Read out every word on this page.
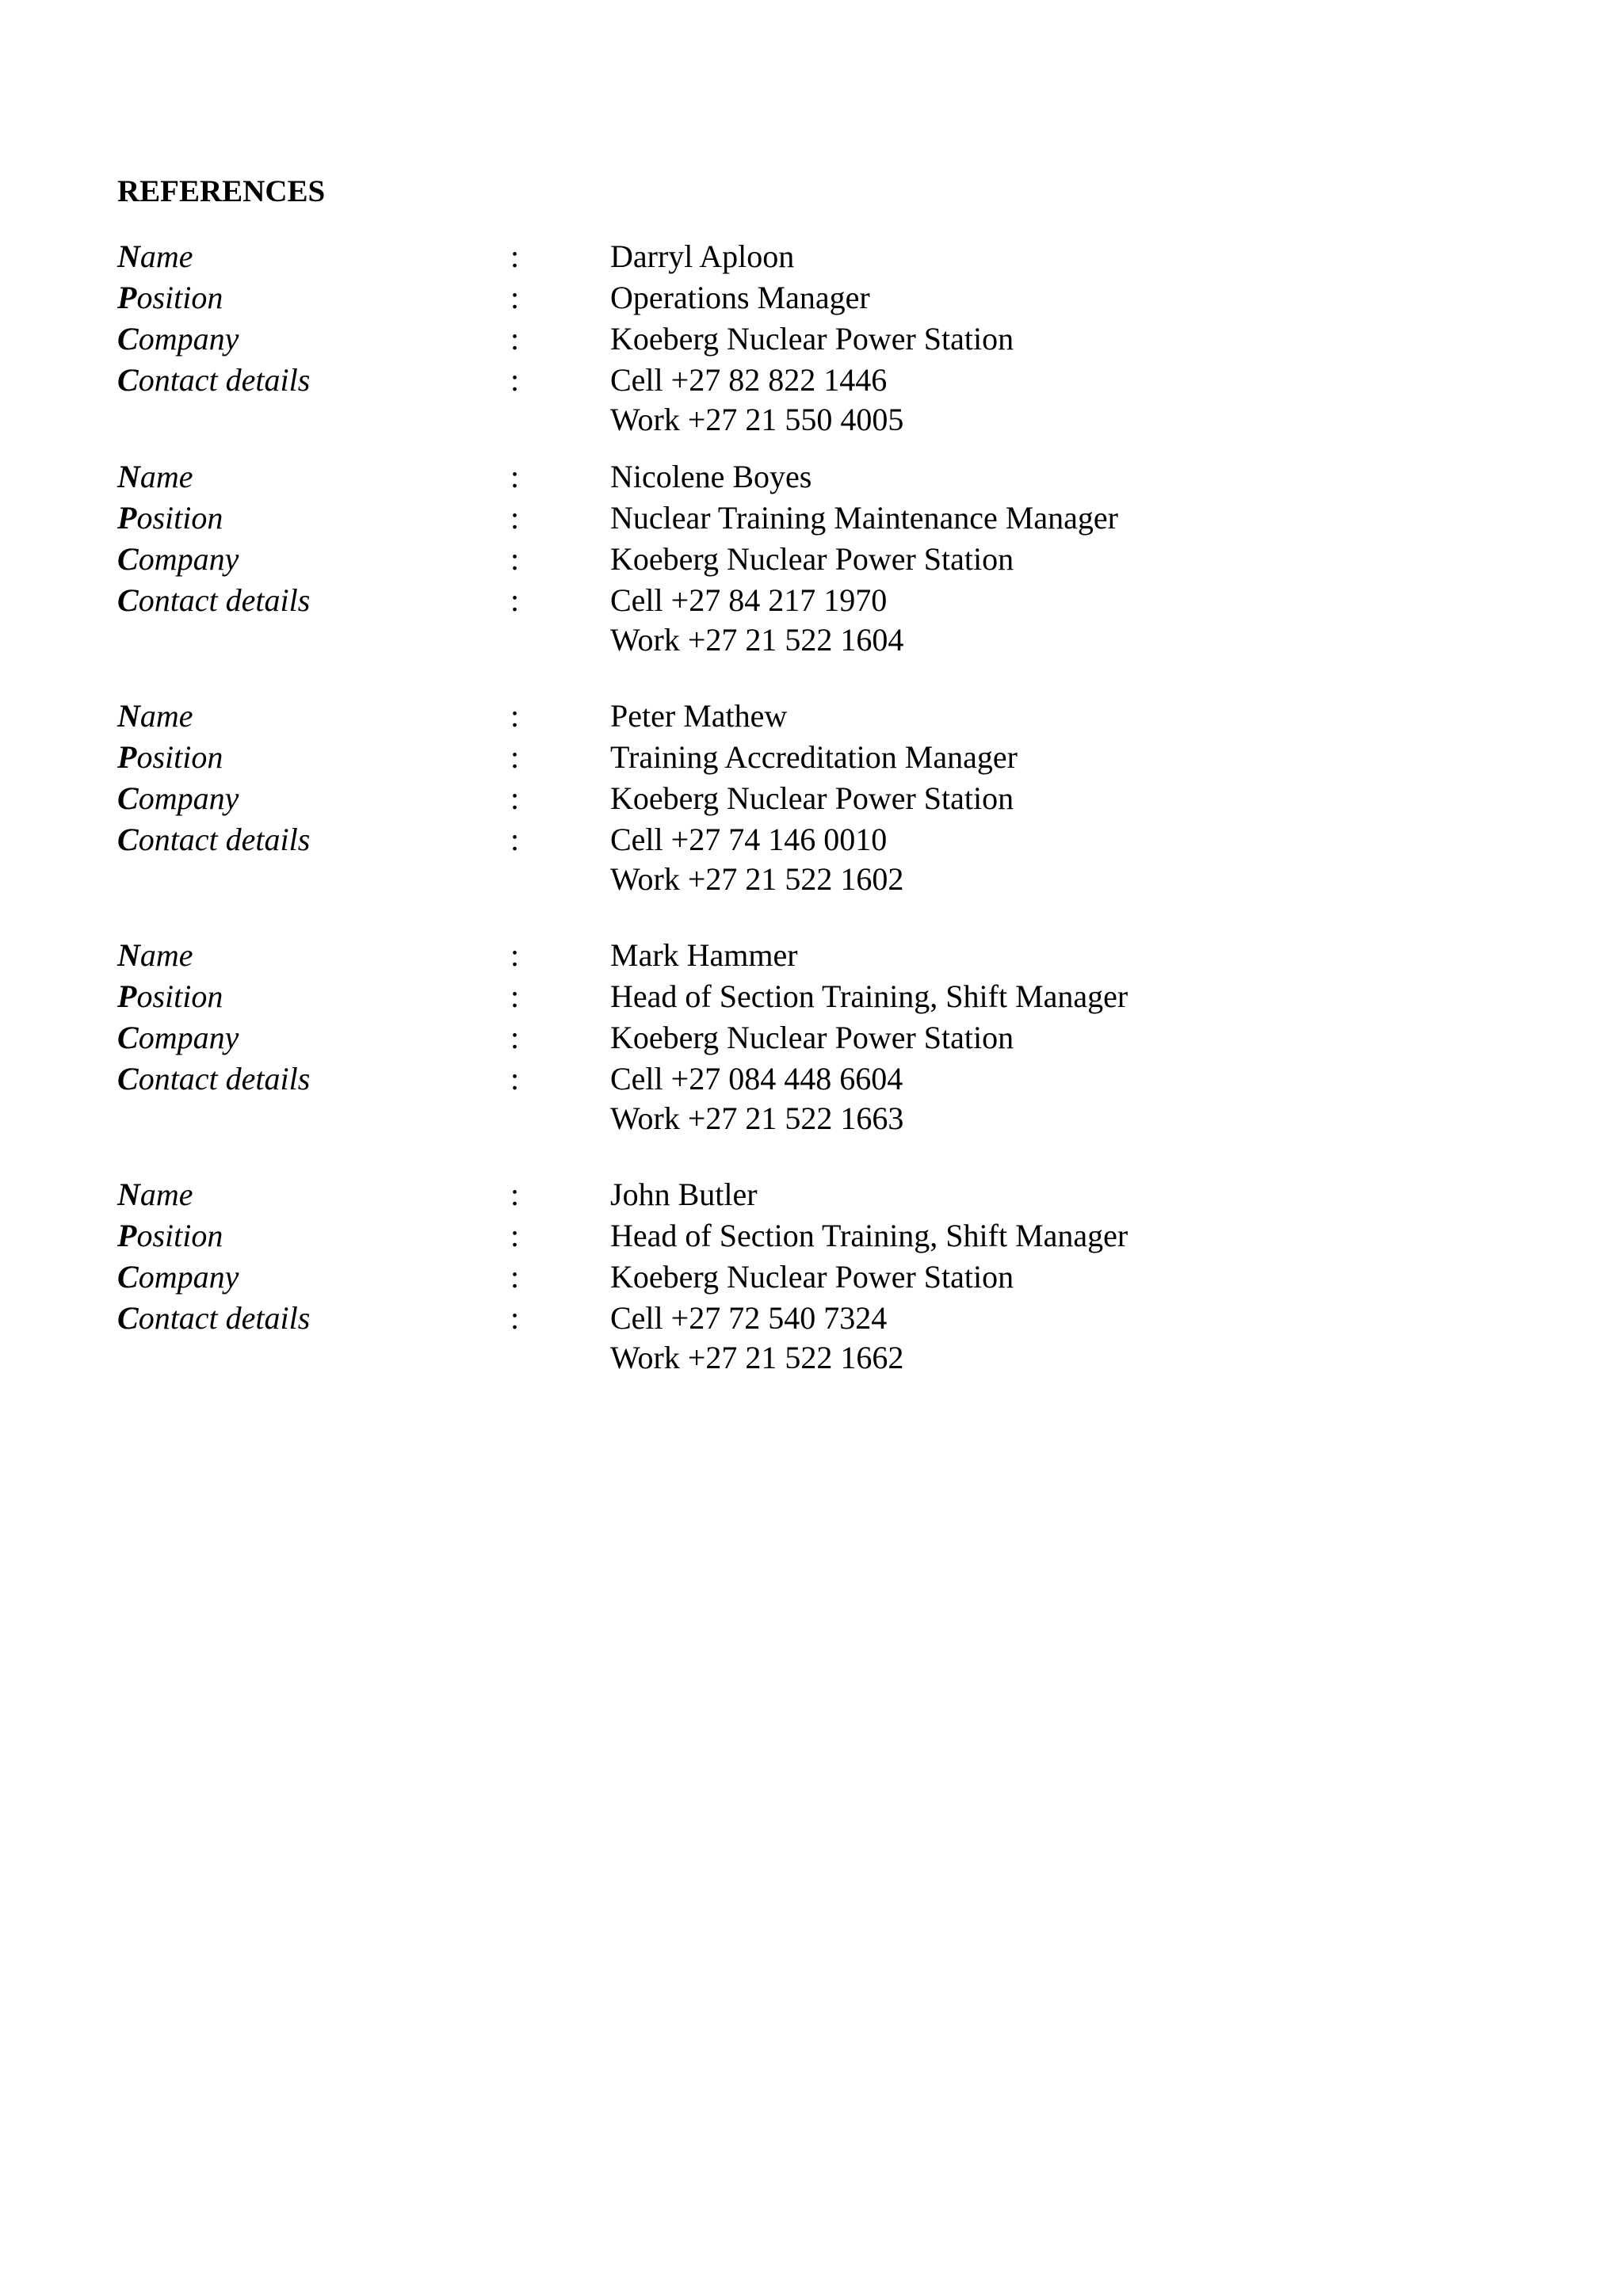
REFERENCES
Name	:	Darryl Aploon
Position	:	Operations Manager
Company	:	Koeberg Nuclear Power Station
Contact details	:	Cell +27 82 822 1446
Work +27 21 550 4005
Name	:	Nicolene Boyes
Position	:	Nuclear Training Maintenance Manager
Company	:	Koeberg Nuclear Power Station
Contact details	:	Cell +27 84 217 1970
Work +27 21 522 1604
Name	:	Peter Mathew
Position	:	Training Accreditation Manager
Company	:	Koeberg Nuclear Power Station
Contact details	:	Cell +27 74 146 0010
Work +27 21 522 1602
Name	:	Mark Hammer
Position	:	Head of Section Training, Shift Manager
Company	:	Koeberg Nuclear Power Station
Contact details	:	Cell +27 084 448 6604
Work +27 21 522 1663
Name	:	John Butler
Position	:	Head of Section Training, Shift Manager
Company	:	Koeberg Nuclear Power Station
Contact details	:	Cell +27 72 540 7324
Work +27 21 522 1662
